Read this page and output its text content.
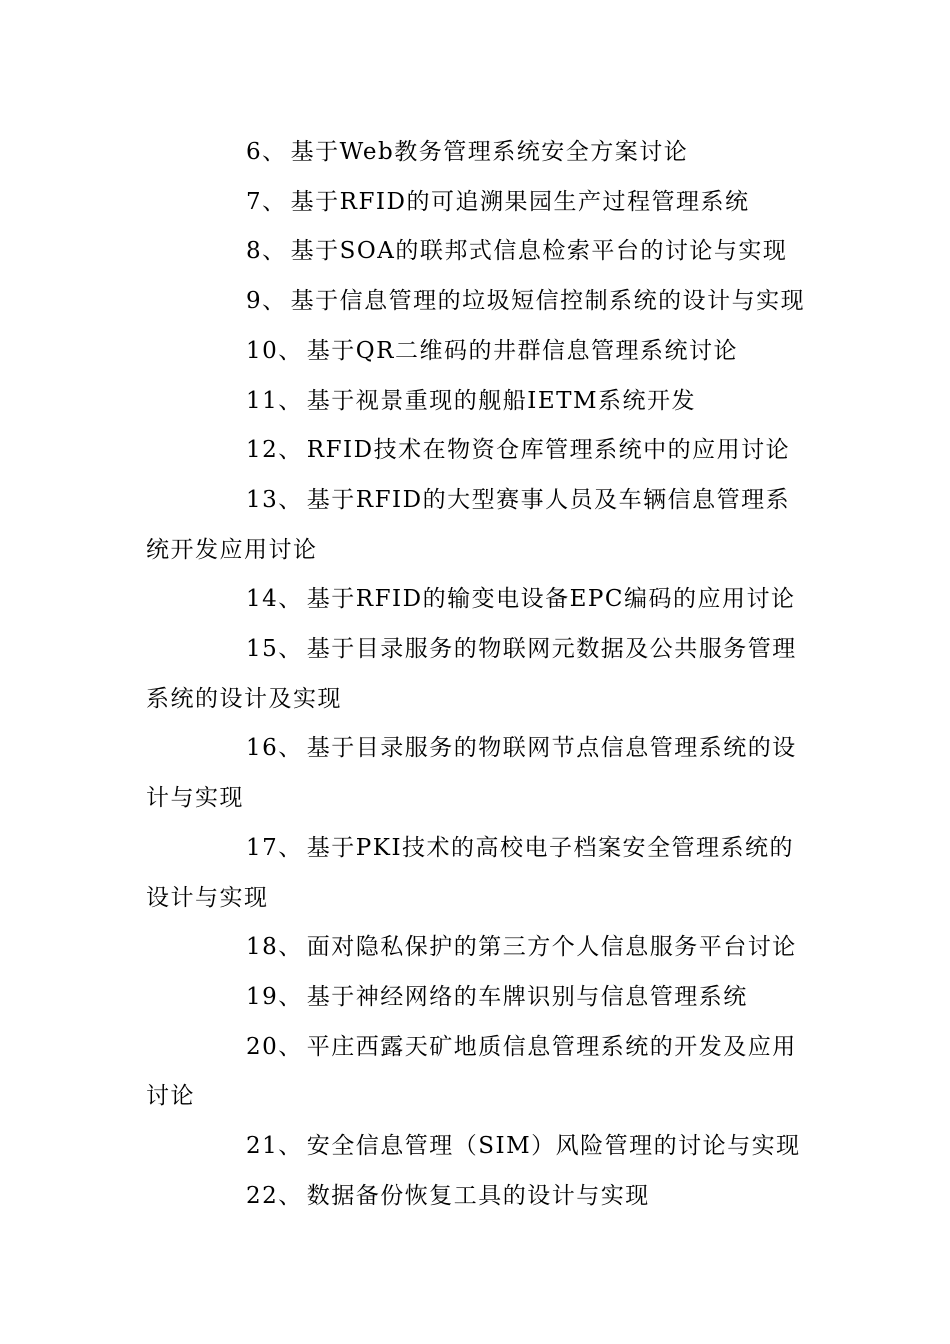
6、 基于Web教务管理系统安全方案讨论
7、 基于RFID的可追溯果园生产过程管理系统
8、 基于SOA的联邦式信息检索平台的讨论与实现
9、 基于信息管理的垃圾短信控制系统的设计与实现
10、 基于QR二维码的井群信息管理系统讨论
11、 基于视景重现的舰船IETM系统开发
12、 RFID技术在物资仓库管理系统中的应用讨论
13、 基于RFID的大型赛事人员及车辆信息管理系统开发应用讨论
14、 基于RFID的输变电设备EPC编码的应用讨论
15、 基于目录服务的物联网元数据及公共服务管理系统的设计及实现
16、 基于目录服务的物联网节点信息管理系统的设计与实现
17、 基于PKI技术的高校电子档案安全管理系统的设计与实现
18、 面对隐私保护的第三方个人信息服务平台讨论
19、 基于神经网络的车牌识别与信息管理系统
20、 平庄西露天矿地质信息管理系统的开发及应用讨论
21、 安全信息管理（SIM）风险管理的讨论与实现
22、 数据备份恢复工具的设计与实现
